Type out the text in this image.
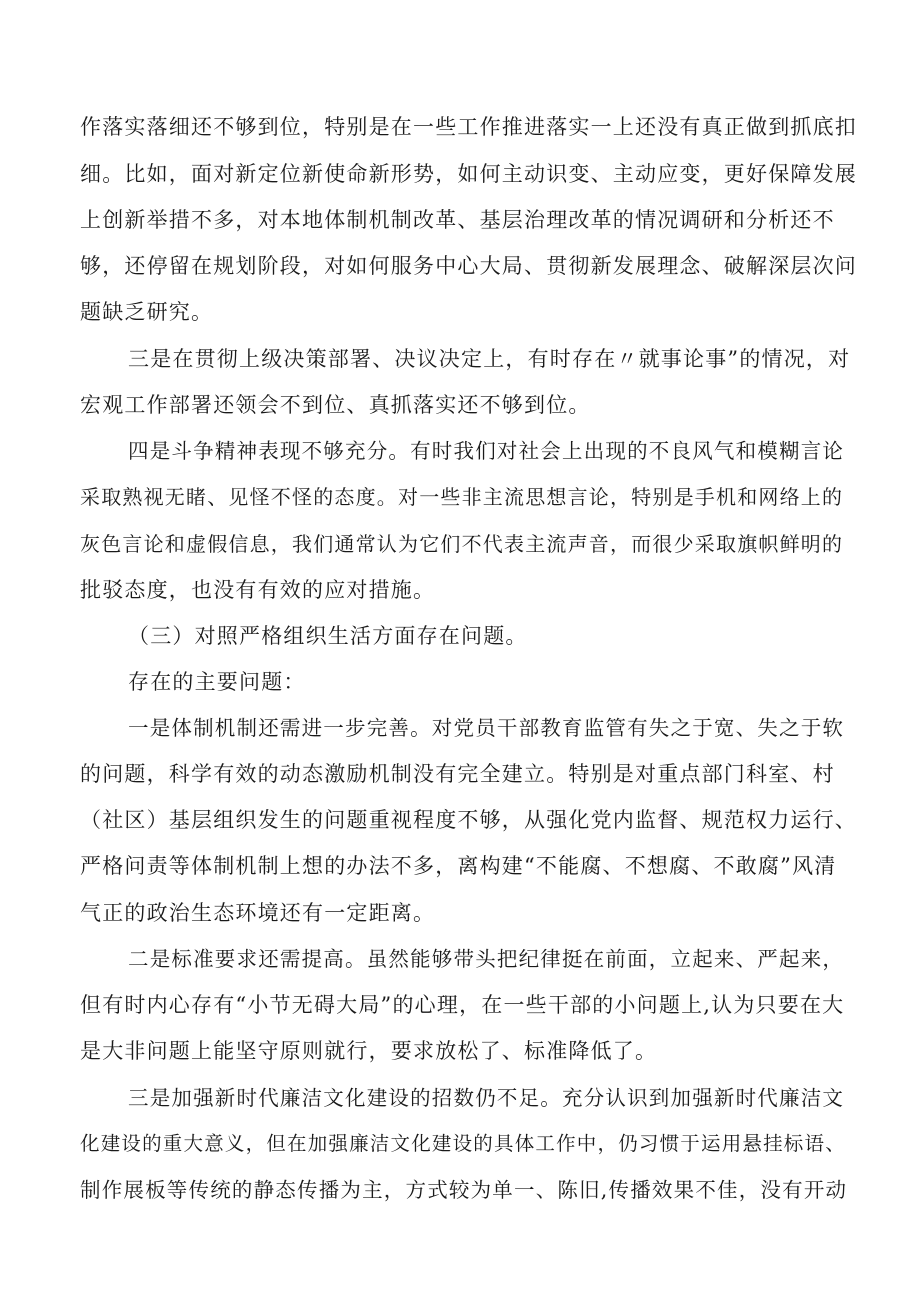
作落实落细还不够到位，特别是在一些工作推进落实一上还没有真正做到抓底扣
细。比如，面对新定位新使命新形势，如何主动识变、主动应变，更好保障发展
上创新举措不多，对本地体制机制改革、基层治理改革的情况调研和分析还不
够，还停留在规划阶段，对如何服务中心大局、贯彻新发展理念、破解深层次问
题缺乏研究。
三是在贯彻上级决策部署、决议决定上，有时存在〃就事论事”的情况，对
宏观工作部署还领会不到位、真抓落实还不够到位。
四是斗争精神表现不够充分。有时我们对社会上出现的不良风气和模糊言论
采取熟视无睹、见怪不怪的态度。对一些非主流思想言论，特别是手机和网络上的
灰色言论和虚假信息，我们通常认为它们不代表主流声音，而很少采取旗帜鲜明的
批驳态度，也没有有效的应对措施。
（三）对照严格组织生活方面存在问题。
存在的主要问题：
一是体制机制还需进一步完善。对党员干部教育监管有失之于宽、失之于软
的问题，科学有效的动态激励机制没有完全建立。特别是对重点部门科室、村
（社区）基层组织发生的问题重视程度不够，从强化党内监督、规范权力运行、
严格问责等体制机制上想的办法不多，离构建“不能腐、不想腐、不敢腐”风清
气正的政治生态环境还有一定距离。
二是标准要求还需提高。虽然能够带头把纪律挺在前面，立起来、严起来，
但有时内心存有“小节无碍大局”的心理，在一些干部的小问题上,认为只要在大
是大非问题上能坚守原则就行，要求放松了、标准降低了。
三是加强新时代廉洁文化建设的招数仍不足。充分认识到加强新时代廉洁文
化建设的重大意义，但在加强廉洁文化建设的具体工作中，仍习惯于运用悬挂标语、
制作展板等传统的静态传播为主，方式较为单一、陈旧,传播效果不佳，没有开动
